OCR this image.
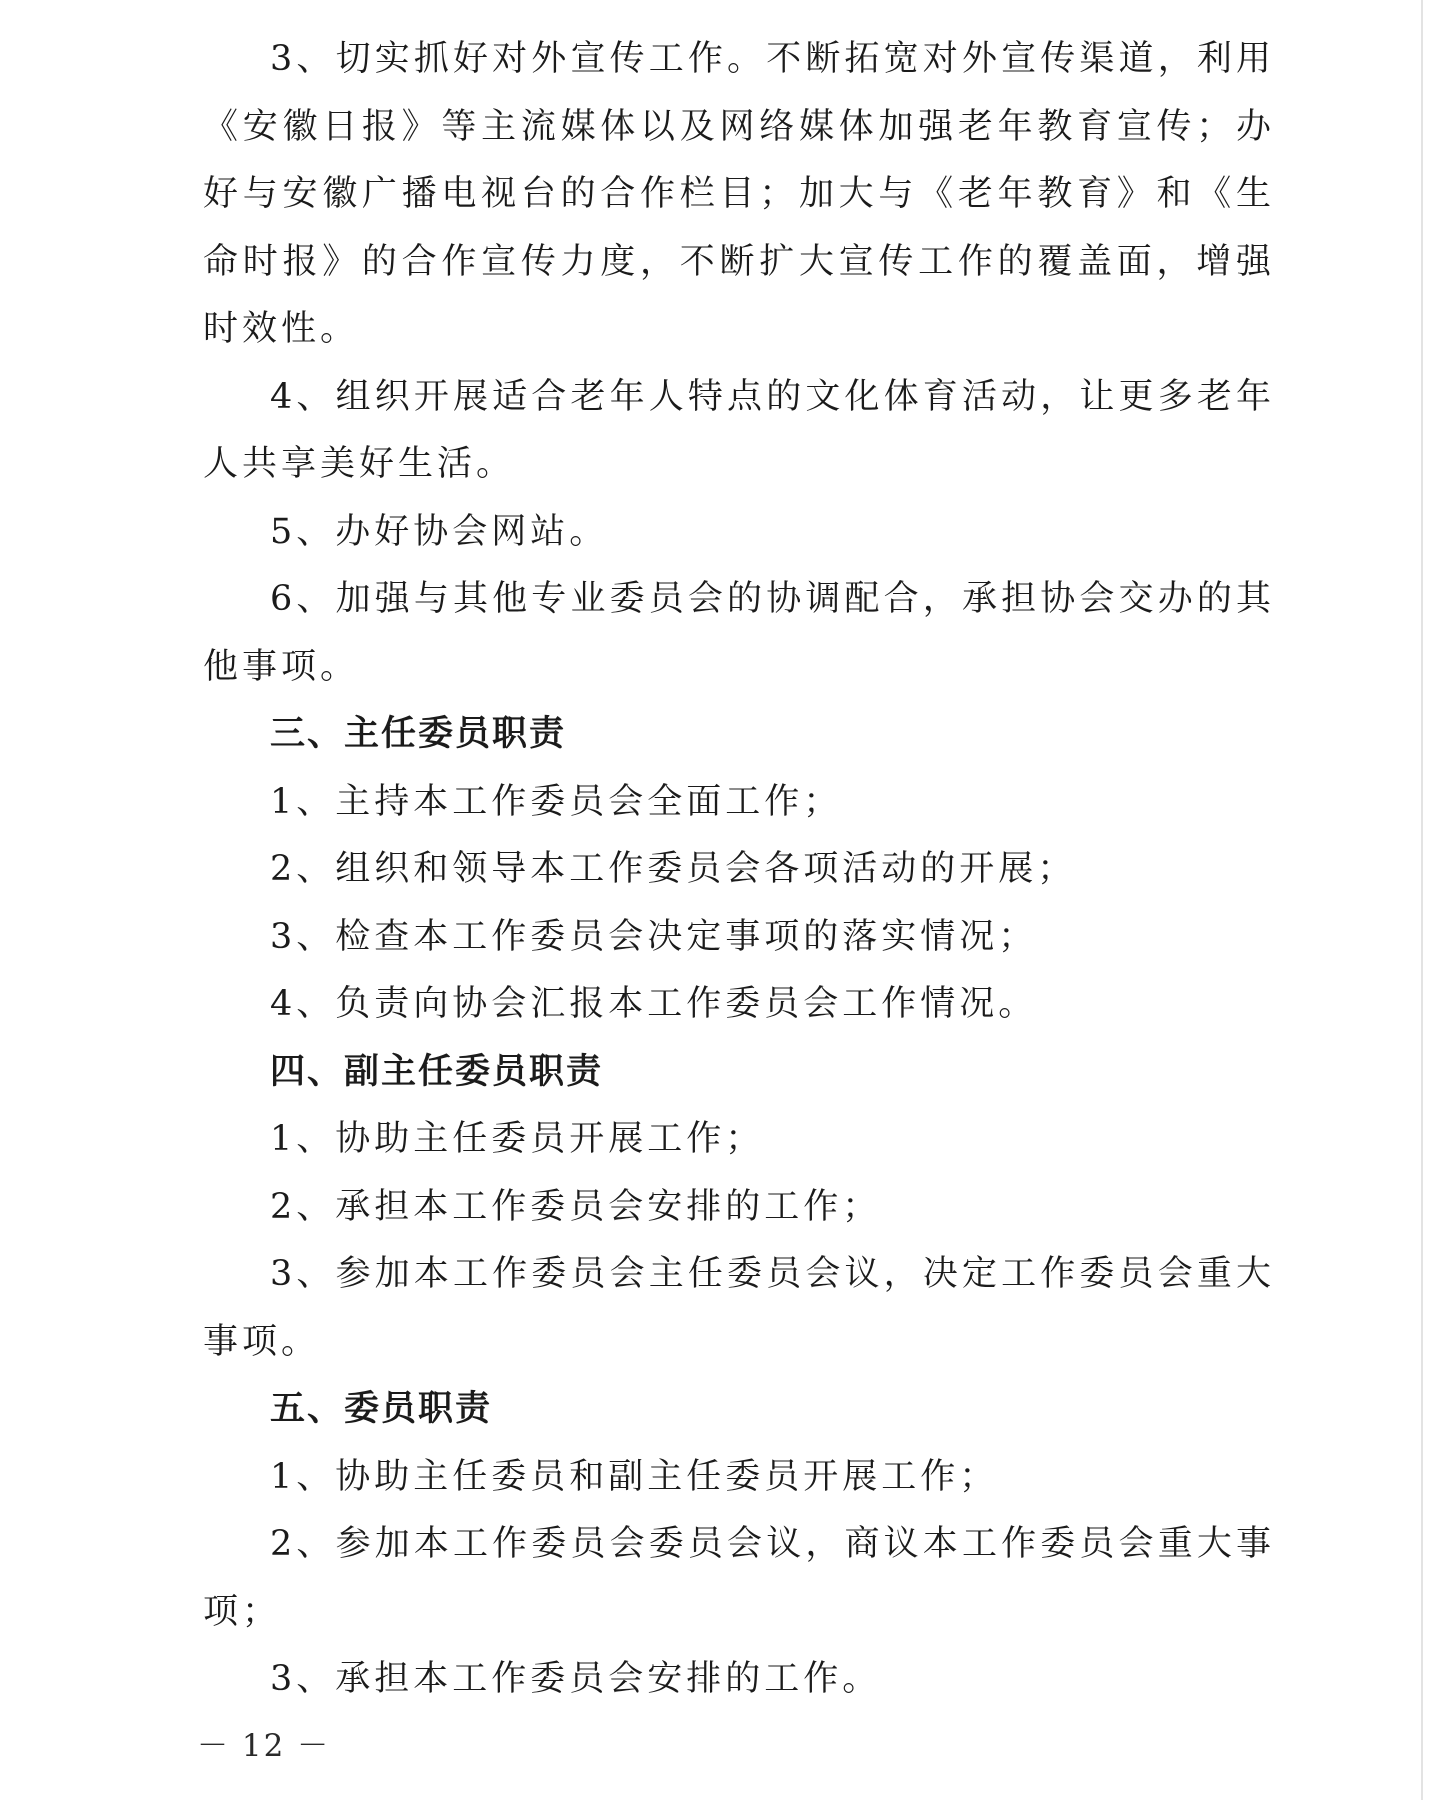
3、切实抓好对外宣传工作。不断拓宽对外宣传渠道，利用《安徽日报》等主流媒体以及网络媒体加强老年教育宣传；办好与安徽广播电视台的合作栏目；加大与《老年教育》和《生命时报》的合作宣传力度，不断扩大宣传工作的覆盖面，增强时效性。

4、组织开展适合老年人特点的文化体育活动，让更多老年人共享美好生活。

5、办好协会网站。

6、加强与其他专业委员会的协调配合，承担协会交办的其他事项。

三、主任委员职责

1、主持本工作委员会全面工作；

2、组织和领导本工作委员会各项活动的开展；

3、检查本工作委员会决定事项的落实情况；

4、负责向协会汇报本工作委员会工作情况。

四、副主任委员职责

1、协助主任委员开展工作；

2、承担本工作委员会安排的工作；

3、参加本工作委员会主任委员会议，决定工作委员会重大事项。

五、委员职责

1、协助主任委员和副主任委员开展工作；

2、参加本工作委员会委员会议，商议本工作委员会重大事项；

3、承担本工作委员会安排的工作。

－ 12 －
